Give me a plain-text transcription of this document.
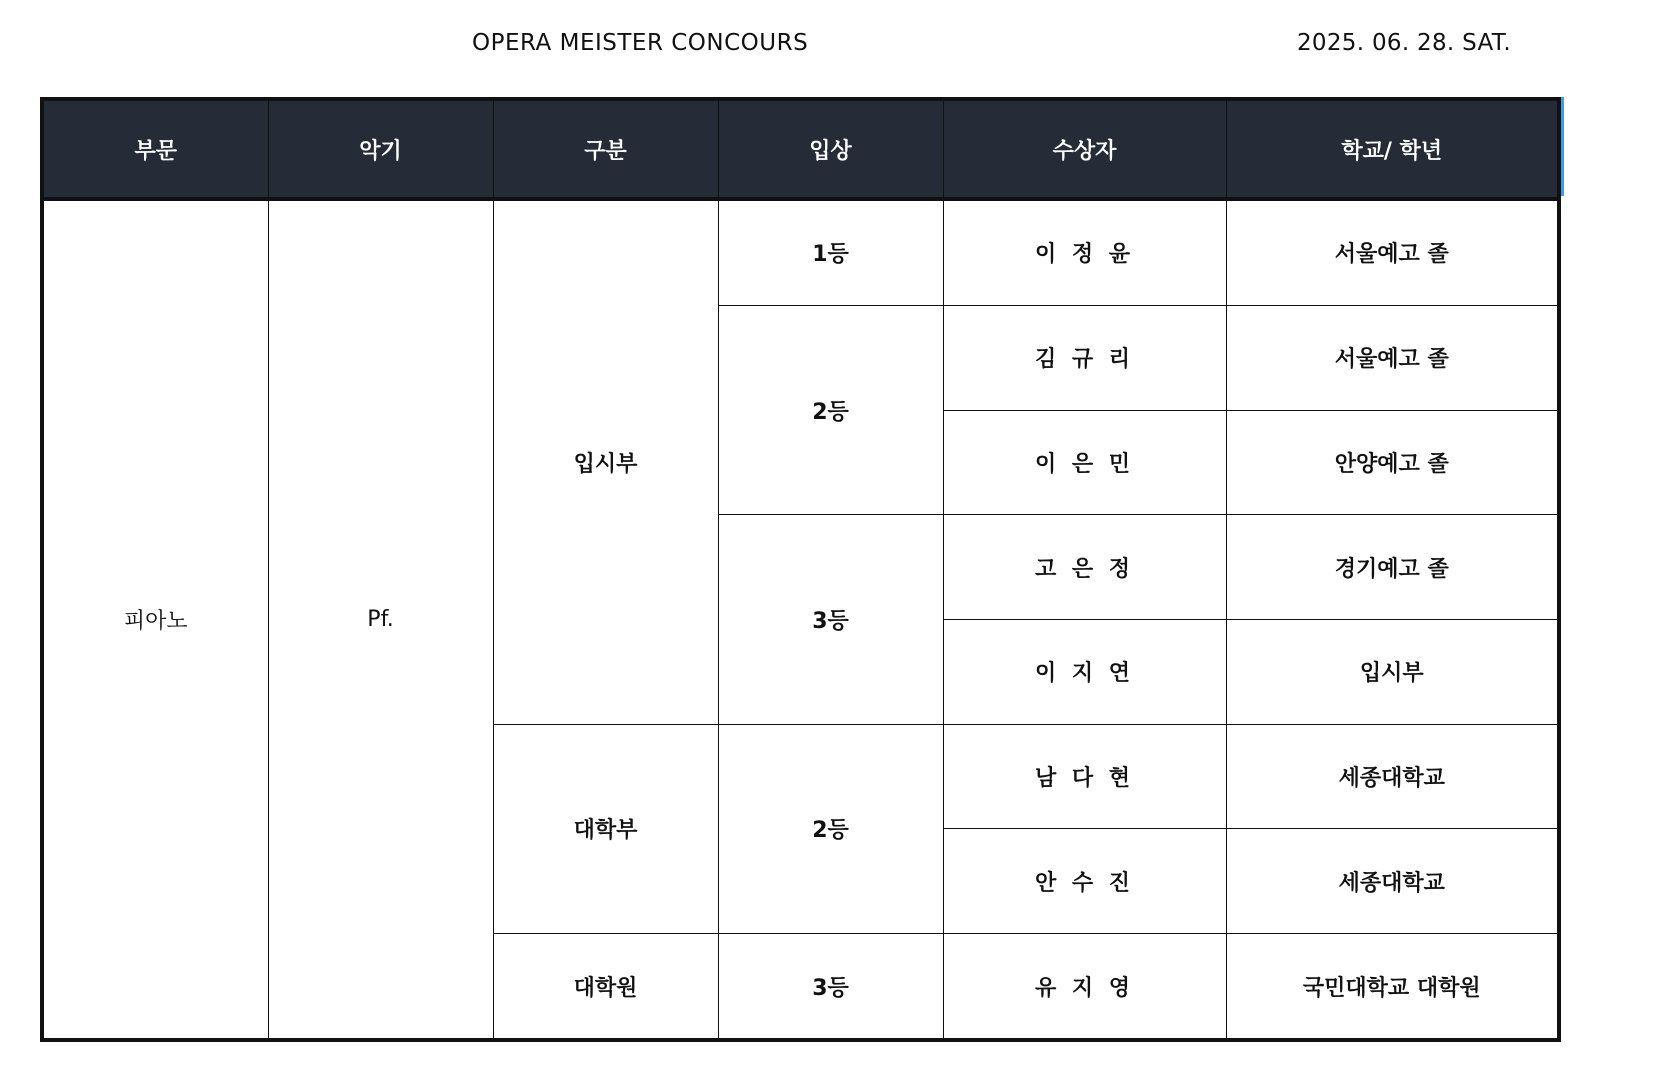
OPERA MEISTER CONCOURS	2025. 06. 28. SAT.
부문	악기	구분	입상	수상자	학교/ 학년
피아노	Pf.	입시부	1등	이 정 윤	서울예고 졸
			2등	김 규 리	서울예고 졸
				이 은 민	안양예고 졸
			3등	고 은 정	경기예고 졸
				이 지 연	입시부
		대학부	2등	남 다 현	세종대학교
				안 수 진	세종대학교
		대학원	3등	유 지 영	국민대학교 대학원
